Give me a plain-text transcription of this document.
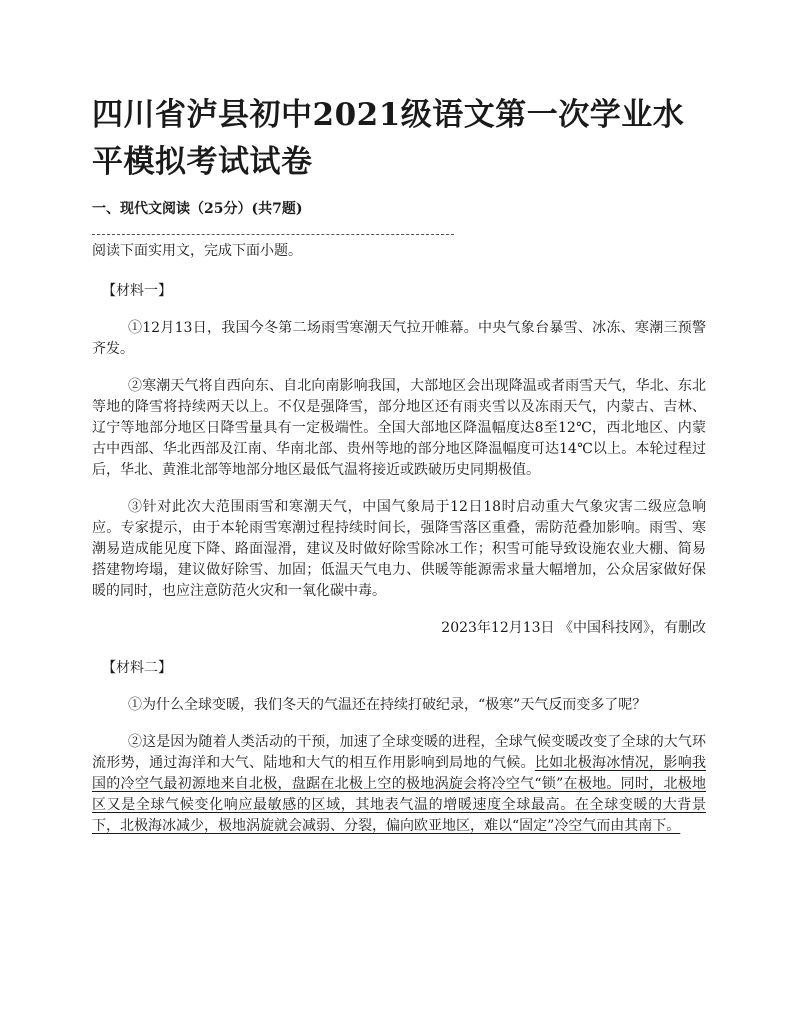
四川省泸县初中2021级语文第一次学业水平模拟考试试卷
一、现代文阅读（25分）(共7题)

阅读下面实用文，完成下面小题。

【材料一】

①12月13日，我国今冬第二场雨雪寒潮天气拉开帷幕。中央气象台暴雪、冰冻、寒潮三预警齐发。

②寒潮天气将自西向东、自北向南影响我国，大部地区会出现降温或者雨雪天气，华北、东北等地的降雪将持续两天以上。不仅是强降雪，部分地区还有雨夹雪以及冻雨天气，内蒙古、吉林、辽宁等地部分地区日降雪量具有一定极端性。全国大部地区降温幅度达8至12℃，西北地区、内蒙古中西部、华北西部及江南、华南北部、贵州等地的部分地区降温幅度可达14℃以上。本轮过程过后，华北、黄淮北部等地部分地区最低气温将接近或跌破历史同期极值。

③针对此次大范围雨雪和寒潮天气，中国气象局于12日18时启动重大气象灾害二级应急响应。专家提示，由于本轮雨雪寒潮过程持续时间长，强降雪落区重叠，需防范叠加影响。雨雪、寒潮易造成能见度下降、路面湿滑，建议及时做好除雪除冰工作；积雪可能导致设施农业大棚、简易搭建物垮塌，建议做好除雪、加固；低温天气电力、供暖等能源需求量大幅增加，公众居家做好保暖的同时，也应注意防范火灾和一氧化碳中毒。

2023年12月13日 《中国科技网》，有删改

【材料二】

①为什么全球变暖，我们冬天的气温还在持续打破纪录，“极寒”天气反而变多了呢？

②这是因为随着人类活动的干预，加速了全球变暖的进程，全球气候变暖改变了全球的大气环流形势，通过海洋和大气、陆地和大气的相互作用影响到局地的气候。比如北极海冰情况，影响我国的冷空气最初源地来自北极，盘踞在北极上空的极地涡旋会将冷空气“锁”在极地。同时，北极地区又是全球气候变化响应最敏感的区域，其地表气温的增暖速度全球最高。在全球变暖的大背景下，北极海冰减少，极地涡旋就会减弱、分裂，偏向欧亚地区，难以“固定”冷空气而由其南下。
